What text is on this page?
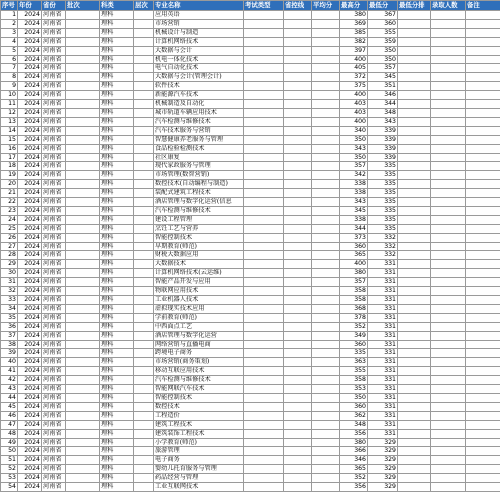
序号	年份	省份	批次	科类	层次	专业名称	考试类型	省控线	平均分	最高分	最低分	最低分排	录取人数	备注
1	2024	河南省		理科		应用英语				380	367			
2	2024	河南省		理科		市场营销				369	360			
3	2024	河南省		理科		机械设计与制造				385	355			
4	2024	河南省		理科		计算机网络技术				382	359			
5	2024	河南省		理科		大数据与会计				397	350			
6	2024	河南省		理科		机电一体化技术				400	350			
7	2024	河南省		理科		电气自动化技术				405	357			
8	2024	河南省		理科		大数据与会计(管理会计)				372	345			
9	2024	河南省		理科		软件技术				375	351			
10	2024	河南省		理科		新能源汽车技术				400	346			
11	2024	河南省		理科		机械制造及自动化				403	344			
12	2024	河南省		理科		城市轨道车辆应用技术				403	348			
13	2024	河南省		理科		汽车检测与维修技术				400	343			
14	2024	河南省		理科		汽车技术服务与营销				340	339			
15	2024	河南省		理科		智慧健康养老服务与管理				350	339			
16	2024	河南省		理科		食品检验检测技术				343	339			
17	2024	河南省		理科		社区康复				350	339			
18	2024	河南省		理科		现代家政服务与管理				357	335			
19	2024	河南省		理科		市场管理(数智营销)				342	335			
20	2024	河南省		理科		数控技术(自动编程与制造)				338	335			
21	2024	河南省		理科		装配式建筑工程技术				338	335			
22	2024	河南省		理科		酒店管理与数字化运营(信息				343	335			
23	2024	河南省		理科		汽车检测与维修技术				345	335			
24	2024	河南省		理科		建设工程管理				338	335			
25	2024	河南省		理科		烹饪工艺与营养				344	335			
26	2024	河南省		理科		智能控制技术				373	332			
27	2024	河南省		理科		早期教育(师范)				360	332			
28	2024	河南省		理科		财税大数据应用				365	332			
29	2024	河南省		理科		大数据技术				400	331			
30	2024	河南省		理科		计算机网络技术(云运维)				380	331			
31	2024	河南省		理科		智能产品开发与应用				357	331			
32	2024	河南省		理科		物联网应用技术				358	331			
33	2024	河南省		理科		工业机器人技术				358	331			
34	2024	河南省		理科		虚拟现实技术应用				368	331			
35	2024	河南省		理科		学前教育(师范)				378	331			
36	2024	河南省		理科		中西面点工艺				352	331			
37	2024	河南省		理科		酒店管理与数字化运营				349	331			
38	2024	河南省		理科		网络营销与直播电商				360	331			
39	2024	河南省		理科		跨境电子商务				335	331			
40	2024	河南省		理科		市场营销(商务策划)				363	331			
41	2024	河南省		理科		移动互联应用技术				355	331			
42	2024	河南省		理科		汽车检测与维修技术				358	331			
43	2024	河南省		理科		智能网联汽车技术				353	331			
44	2024	河南省		理科		智能控制技术				350	331			
45	2024	河南省		理科		数控技术				360	331			
46	2024	河南省		理科		工程造价				362	331			
47	2024	河南省		理科		建筑工程技术				348	331			
48	2024	河南省		理科		建筑装饰工程技术				356	331			
49	2024	河南省		理科		小学教育(师范)				380	329			
50	2024	河南省		理科		旅游管理				366	329			
51	2024	河南省		理科		电子商务				346	329			
52	2024	河南省		理科		婴幼儿托育服务与管理				365	329			
53	2024	河南省		理科		药品经营与管理				352	329			
54	2024	河南省		理科		工业互联网技术				356	329			
